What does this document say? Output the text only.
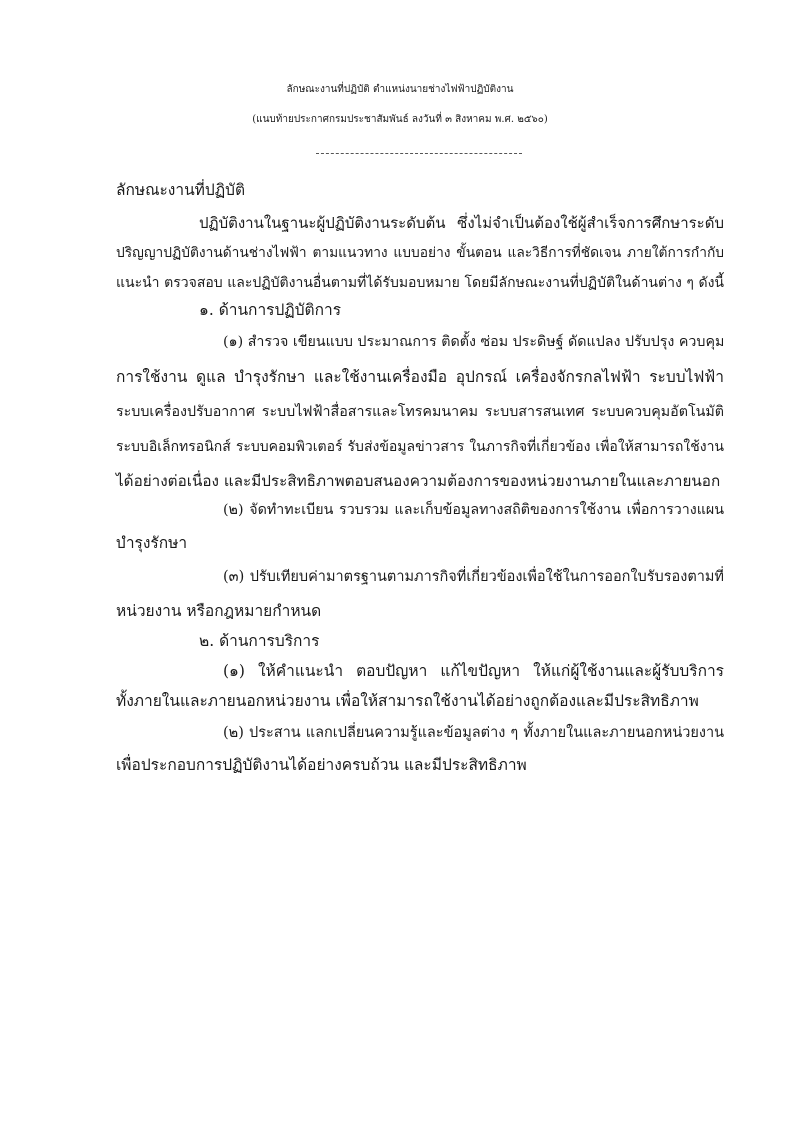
ลักษณะงานที่ปฏิบัติ ตำแหน่งนายช่างไฟฟ้าปฏิบัติงาน
(แนบท้ายประกาศกรมประชาสัมพันธ์ ลงวันที่ ๓ สิงหาคม พ.ศ. ๒๕๖๐)
ลักษณะงานที่ปฏิบัติ
ปฏิบัติงานในฐานะผู้ปฏิบัติงานระดับต้น ซึ่งไม่จำเป็นต้องใช้ผู้สำเร็จการศึกษาระดับ
ปริญญาปฏิบัติงานด้านช่างไฟฟ้า ตามแนวทาง แบบอย่าง ขั้นตอน และวิธีการที่ชัดเจน ภายใต้การกำกับ
แนะนำ ตรวจสอบ และปฏิบัติงานอื่นตามที่ได้รับมอบหมาย โดยมีลักษณะงานที่ปฏิบัติในด้านต่าง ๆ ดังนี้
๑. ด้านการปฏิบัติการ
(๑) สำรวจ เขียนแบบ ประมาณการ ติดตั้ง ซ่อม ประดิษฐ์ ดัดแปลง ปรับปรุง ควบคุม
การใช้งาน ดูแล บำรุงรักษา และใช้งานเครื่องมือ อุปกรณ์ เครื่องจักรกลไฟฟ้า ระบบไฟฟ้า
ระบบเครื่องปรับอากาศ ระบบไฟฟ้าสื่อสารและโทรคมนาคม ระบบสารสนเทศ ระบบควบคุมอัตโนมัติ
ระบบอิเล็กทรอนิกส์ ระบบคอมพิวเตอร์ รับส่งข้อมูลข่าวสาร ในภารกิจที่เกี่ยวข้อง เพื่อให้สามารถใช้งาน
ได้อย่างต่อเนื่อง และมีประสิทธิภาพตอบสนองความต้องการของหน่วยงานภายในและภายนอก
(๒) จัดทำทะเบียน รวบรวม และเก็บข้อมูลทางสถิติของการใช้งาน เพื่อการวางแผน
บำรุงรักษา
(๓) ปรับเทียบค่ามาตรฐานตามภารกิจที่เกี่ยวข้องเพื่อใช้ในการออกใบรับรองตามที่
หน่วยงาน หรือกฎหมายกำหนด
๒. ด้านการบริการ
(๑) ให้คำแนะนำ ตอบปัญหา แก้ไขปัญหา ให้แก่ผู้ใช้งานและผู้รับบริการ
ทั้งภายในและภายนอกหน่วยงาน เพื่อให้สามารถใช้งานได้อย่างถูกต้องและมีประสิทธิภาพ
(๒) ประสาน แลกเปลี่ยนความรู้และข้อมูลต่าง ๆ ทั้งภายในและภายนอกหน่วยงาน
เพื่อประกอบการปฏิบัติงานได้อย่างครบถ้วน และมีประสิทธิภาพ
